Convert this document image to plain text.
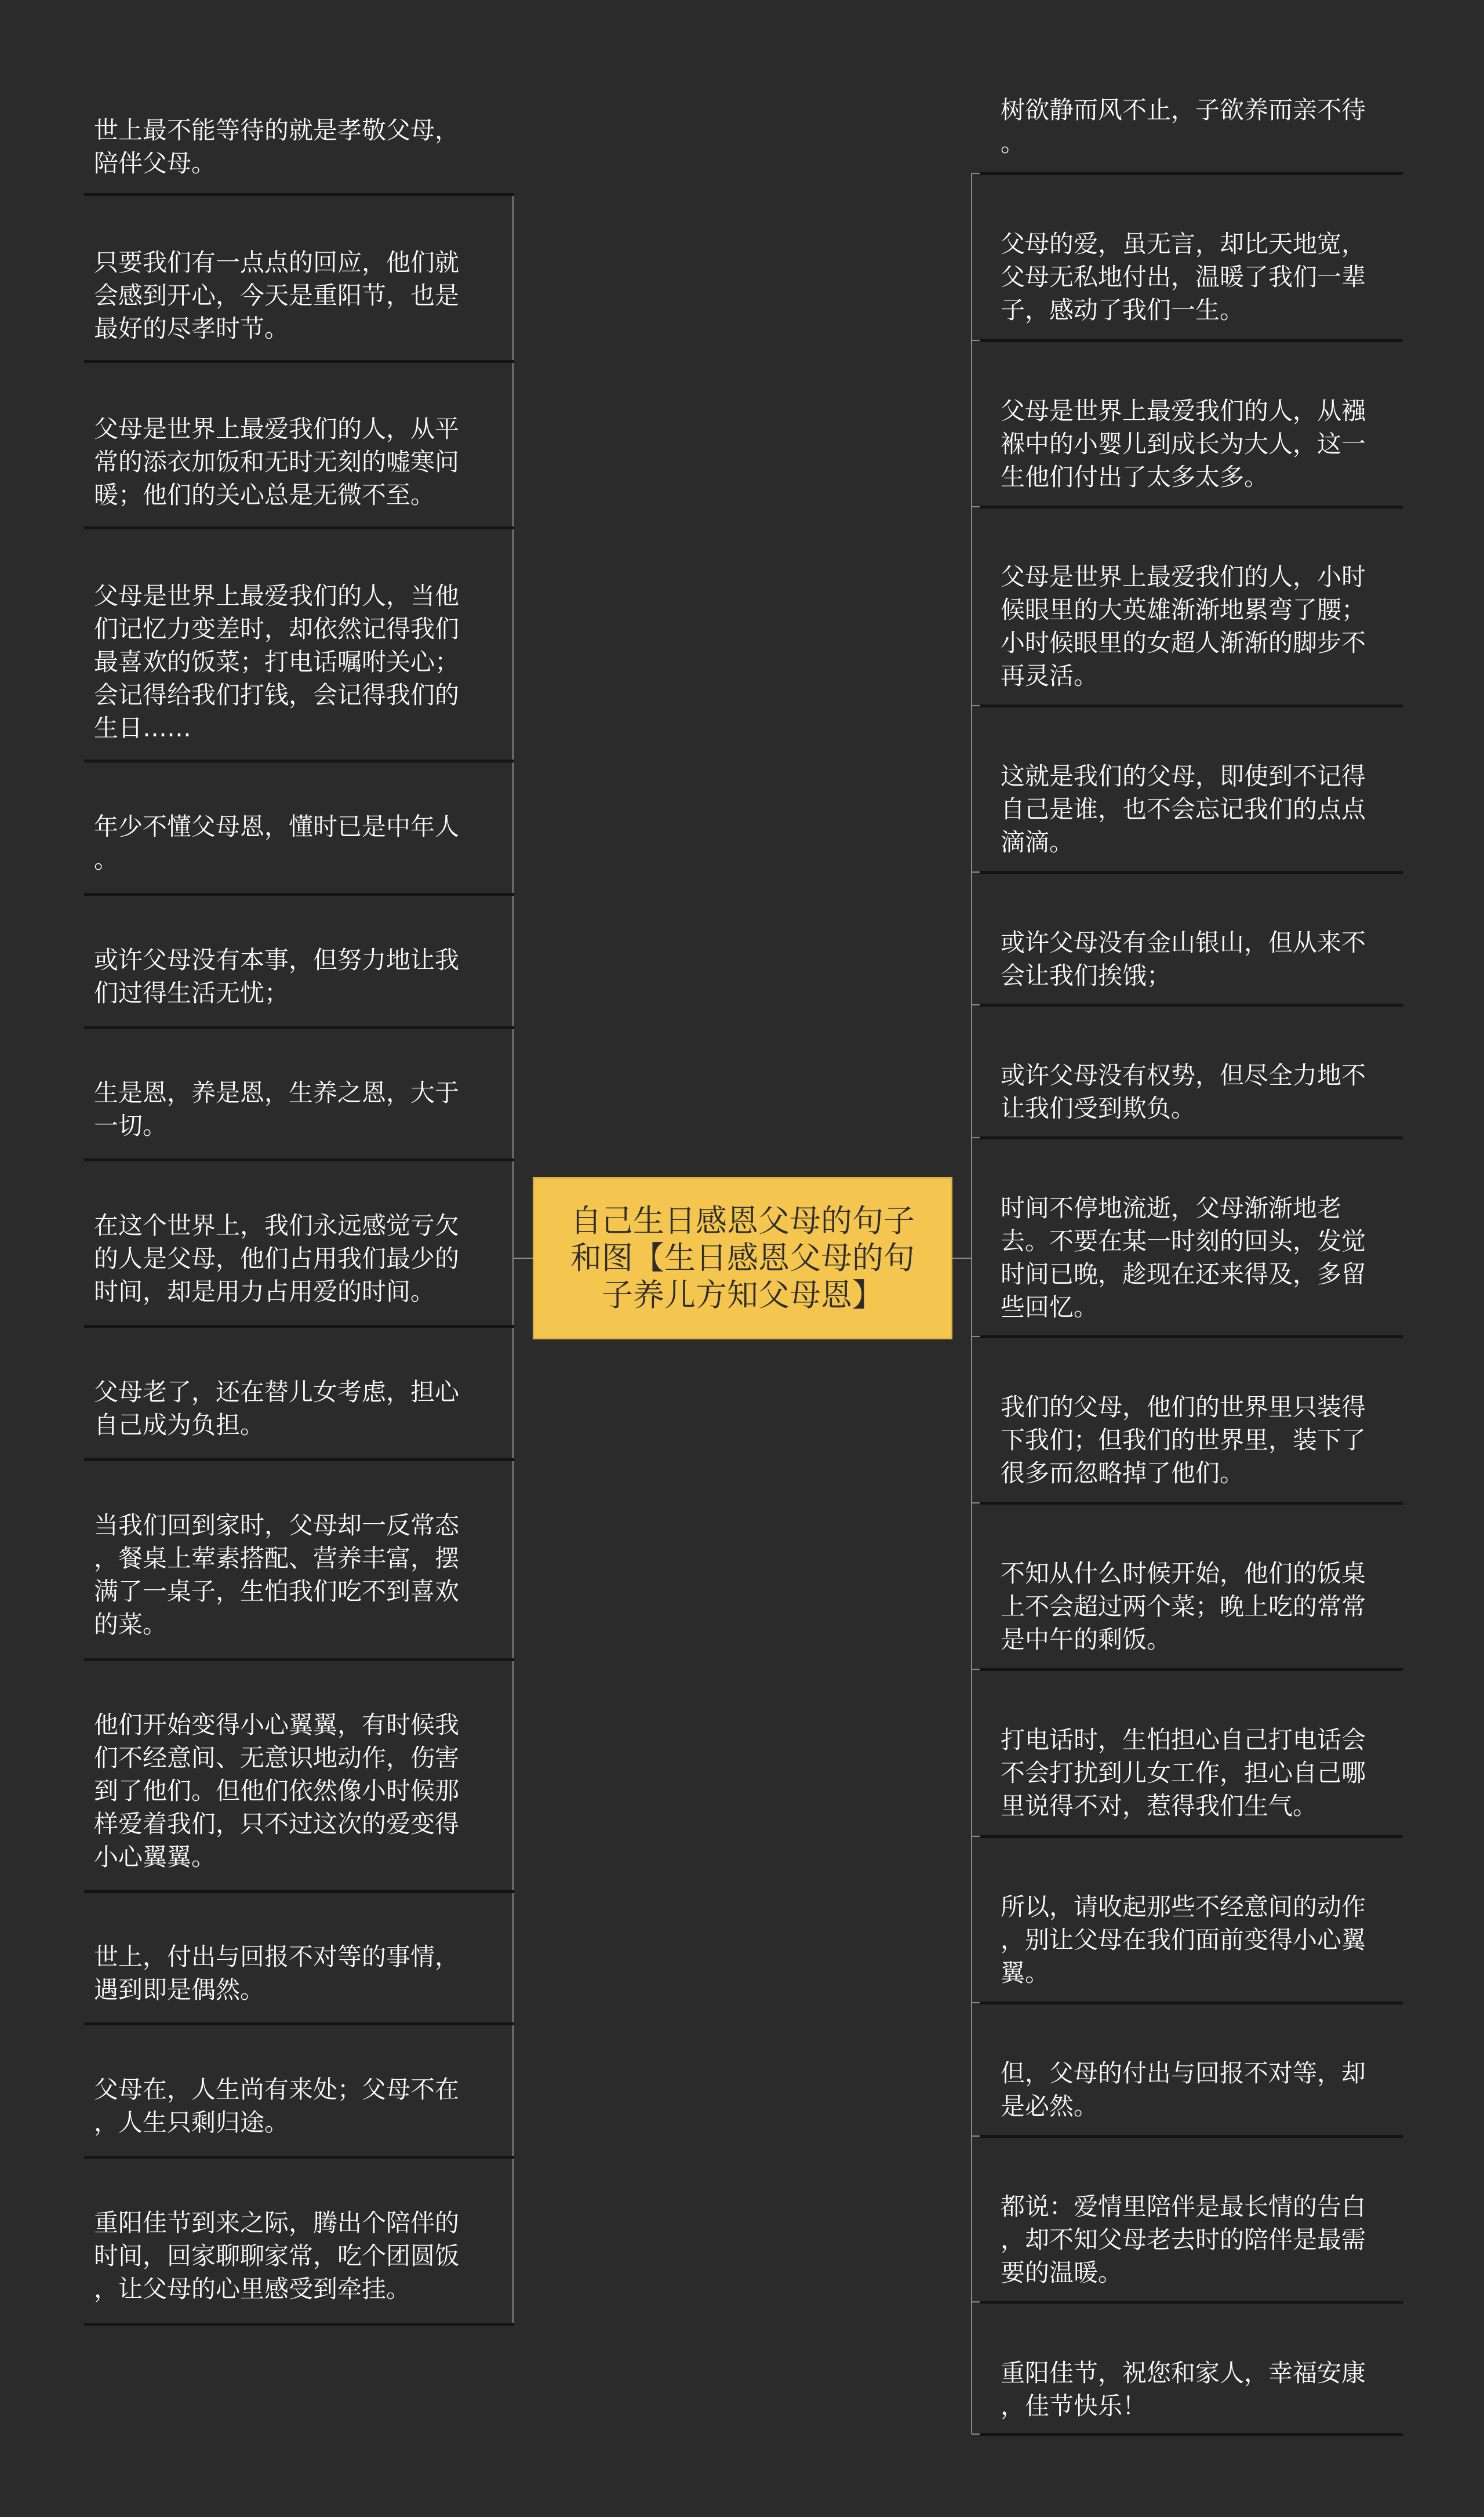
自己生日感恩父母的句子
和图【生日感恩父母的句
子养儿方知父母恩】
世上最不能等待的就是孝敬父母，
陪伴父母。
只要我们有一点点的回应，他们就
会感到开心，今天是重阳节，也是
最好的尽孝时节。
父母是世界上最爱我们的人，从平
常的添衣加饭和无时无刻的嘘寒问
暖；他们的关心总是无微不至。
父母是世界上最爱我们的人，当他
们记忆力变差时，却依然记得我们
最喜欢的饭菜；打电话嘱咐关心；
会记得给我们打钱，会记得我们的
生日……
年少不懂父母恩，懂时已是中年人
。
或许父母没有本事，但努力地让我
们过得生活无忧；
生是恩，养是恩，生养之恩，大于
一切。
在这个世界上，我们永远感觉亏欠
的人是父母，他们占用我们最少的
时间，却是用力占用爱的时间。
父母老了，还在替儿女考虑，担心
自己成为负担。
当我们回到家时，父母却一反常态
，餐桌上荤素搭配、营养丰富，摆
满了一桌子，生怕我们吃不到喜欢
的菜。
他们开始变得小心翼翼，有时候我
们不经意间、无意识地动作，伤害
到了他们。但他们依然像小时候那
样爱着我们，只不过这次的爱变得
小心翼翼。
世上，付出与回报不对等的事情，
遇到即是偶然。
父母在，人生尚有来处；父母不在
，人生只剩归途。
重阳佳节到来之际，腾出个陪伴的
时间，回家聊聊家常，吃个团圆饭
，让父母的心里感受到牵挂。
树欲静而风不止，子欲养而亲不待
。
父母的爱，虽无言，却比天地宽，
父母无私地付出，温暖了我们一辈
子，感动了我们一生。
父母是世界上最爱我们的人，从襁
褓中的小婴儿到成长为大人，这一
生他们付出了太多太多。
父母是世界上最爱我们的人，小时
候眼里的大英雄渐渐地累弯了腰；
小时候眼里的女超人渐渐的脚步不
再灵活。
这就是我们的父母，即使到不记得
自己是谁，也不会忘记我们的点点
滴滴。
或许父母没有金山银山，但从来不
会让我们挨饿；
或许父母没有权势，但尽全力地不
让我们受到欺负。
时间不停地流逝，父母渐渐地老
去。不要在某一时刻的回头，发觉
时间已晚，趁现在还来得及，多留
些回忆。
我们的父母，他们的世界里只装得
下我们；但我们的世界里，装下了
很多而忽略掉了他们。
不知从什么时候开始，他们的饭桌
上不会超过两个菜；晚上吃的常常
是中午的剩饭。
打电话时，生怕担心自己打电话会
不会打扰到儿女工作，担心自己哪
里说得不对，惹得我们生气。
所以，请收起那些不经意间的动作
，别让父母在我们面前变得小心翼
翼。
但，父母的付出与回报不对等，却
是必然。
都说：爱情里陪伴是最长情的告白
，却不知父母老去时的陪伴是最需
要的温暖。
重阳佳节，祝您和家人，幸福安康
，佳节快乐！
